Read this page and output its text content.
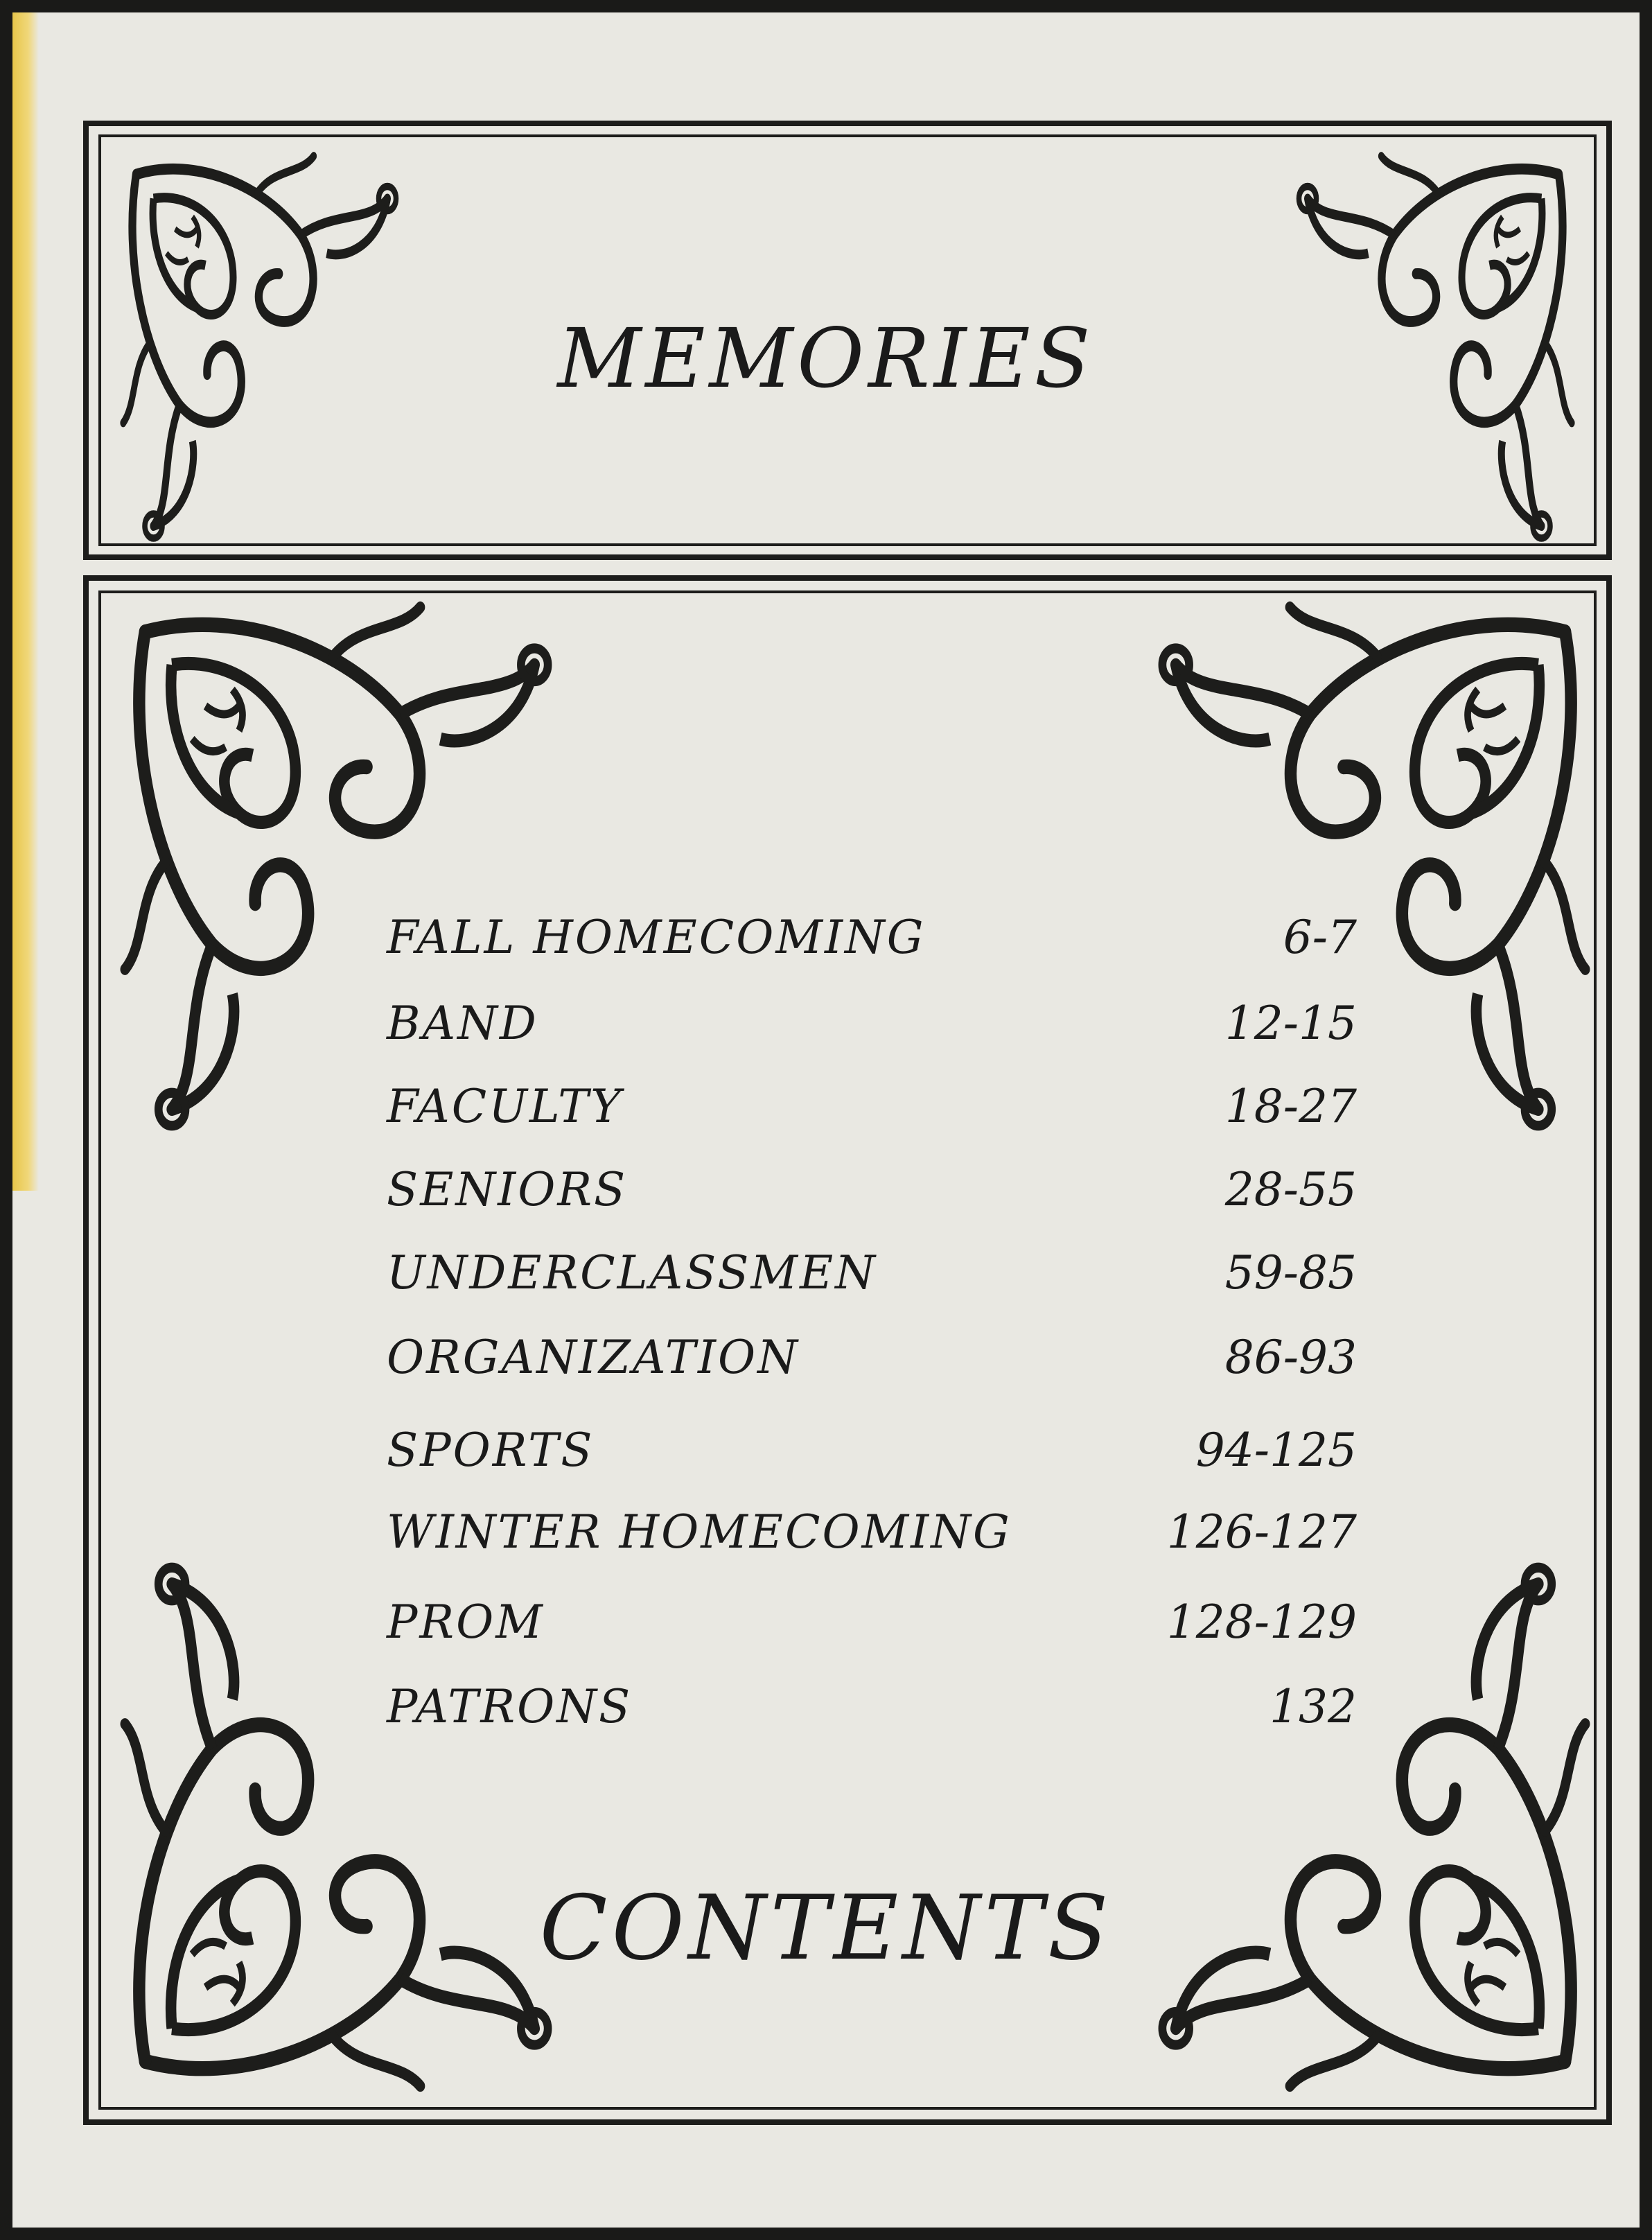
MEMORIES
FALL HOMECOMING	6-7
BAND	12-15
FACULTY	18-27
SENIORS	28-55
UNDERCLASSMEN	59-85
ORGANIZATION	86-93
SPORTS	94-125
WINTER HOMECOMING	126-127
PROM	128-129
PATRONS	132
CONTENTS
